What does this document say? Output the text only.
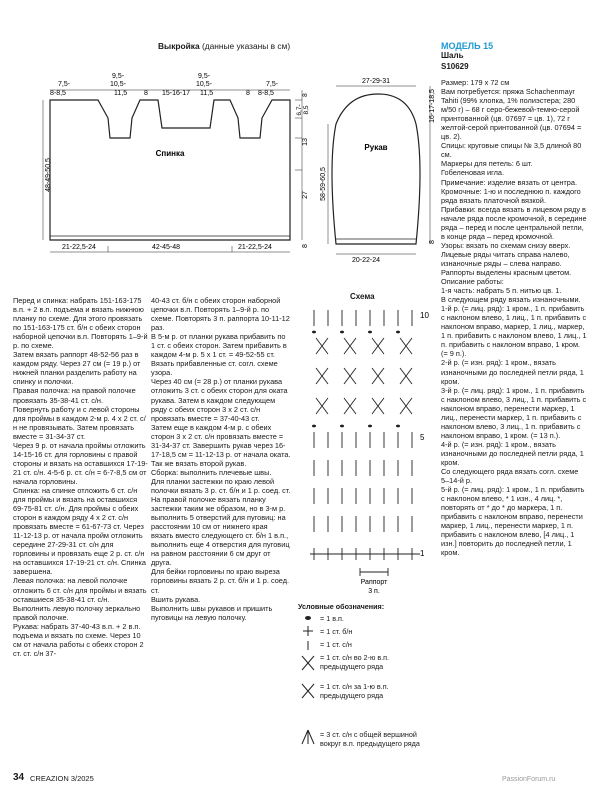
Выкройка (данные указаны в см)
Спинка
48-49-50,5
7,5-
8-8,5
9,5-
10,5-
11,5 8 15-16-17
9,5-
10,5-
11,5	8
7,5-
8-8,5
13
27
8
6,7- 8,5
8
21-22,5-24	42-45-48	21-22,5-24
Рукав
27-29-31
16-17-18,5
58-59-60,5
8
20-22-24
МОДЕЛЬ 15
Шаль
S10629
Перед и спинка: набрать 151-163-175 в.п. + 2 в.п. подъема и вязать нижнюю планку по схеме. Для этого провязать по 151-163-175 ст. б/н с обеих сторон наборной цепочки в.п. Повторять 1–9-й р. по схеме.
Затем вязать раппорт 48-52-56 раз в каждом ряду. Через 27 см (= 19 р.) от нижней планки разделить работу на спинку и полочки.
Правая полочка: на правой полочке провязать 35-38-41 ст. с/н.
Повернуть работу и с левой стороны для проймы в каждом 2-м р. 4 x 2 ст. с/н не провязывать. Затем провязать вместе = 31-34-37 ст.
Через 9 р. от начала проймы отложить 14-15-16 ст. для горловины с правой стороны и вязать на оставшихся 17-19-21 ст. с/н. 4-5-6 р. ст. с/н = 6-7-8,5 см от начала горловины.
Спинка: на спинке отложить 6 ст. с/н для проймы и вязать на оставшихся 69-75-81 ст. с/н. Для проймы с обеих сторон в каждом ряду 4 x 2 ст. с/н провязать вместе = 61-67-73 ст. Через 11-12-13 р. от начала пройм отложить середине 27-29-31 ст. с/н для горловины и провязать еще 2 р. ст. с/н на оставшихся 17-19-21 ст. с/н. Спинка завершена.
Левая полочка: на левой полочке отложить 6 ст. с/н для проймы и вязать оставшиеся 35-38-41 ст. с/н. Выполнить левую полочку зеркально правой полочке.
Рукава: набрать 37-40-43 в.п. + 2 в.п. подъема и вязать по схеме. Через 10 см от начала работы с обеих сторон 2 ст. ст. с/н 37-
40-43 ст. б/н с обеих сторон наборной цепочки в.п. Повторять 1–9-й р. по схеме. Повторять 3 п. раппорта 10-11-12 раз.
В 5-м р. от планки рукава прибавить по 1 ст. с обеих сторон. Затем прибавить в каждом 4-м р. 5 x 1 ст. = 49-52-55 ст. Вязать прибавленные ст. согл. схеме узора.
Через 40 см (= 28 р.) от планки рукава отложить 3 ст. с обеих сторон для оката рукава. Затем в каждом следующем ряду с обеих сторон 3 x 2 ст. с/н провязать вместе = 37-40-43 ст.
Затем еще в каждом 4-м р. с обеих сторон 3 x 2 ст. с/н провязать вместе = 31-34-37 ст. Завершить рукав через 16-17-18,5 см = 11-12-13 р. от начала оката.
Так же вязать второй рукав.
Сборка: выполнить плечевые швы.
Для планки застежки по краю левой полочки вязать 3 р. ст. б/н и 1 р. соед. ст.
На правой полочке вязать планку застежки таким же образом, но в 3-м р. выполнить 5 отверстий для пуговиц: на расстоянии 10 см от нижнего края вязать вместо следующего ст. б/н 1 в.п., выполнить еще 4 отверстия для пуговиц на равном расстоянии 6 см друг от друга.
Для бейки горловины по краю выреза горловины вязать 2 р. ст. б/н и 1 р. соед. ст.
Вшить рукава.
Выполнить швы рукавов и пришить пуговицы на левую полочку.
Схема
10
5
1
Раппорт
3 п.
Условные обозначения:
= 1 в.п.
= 1 ст. б/н
= 1 ст. с/н
= 1 ст. с/н во 2-ю в.п. предыдущего ряда
= 1 ст. с/н за 1-ю в.п. предыдущего ряда
= 3 ст. с/н с общей вершиной вокруг в.п. предыдущего ряда
Размер: 179 x 72 см
Вам потребуется: пряжа Schachenmayr Tahiti (99% хлопка, 1% полиэстера; 280 м/50 г) – 68 г серо-бежевой-темно-серой принтованной (цв. 07697 = цв. 1), 72 г желтой-серой принтованной (цв. 07694 = цв. 2).
Спицы: круговые спицы № 3,5 длиной 80 см.
Маркеры для петель: 6 шт.
Гобеленовая игла.
Примечание: изделие вязать от центра.
Кромочные: 1-ю и последнюю п. каждого ряда вязать платочной вязкой.
Прибавки: всегда вязать в лицевом ряду в начале ряда после кромочной, в середине ряда – перед и после центральной петли, в конце ряда – перед кромочной.
Узоры: вязать по схемам снизу вверх.
Лицевые ряды читать справа налево, изнаночные ряды – слева направо. Раппорты выделены красным цветом.
Описание работы:
1-я часть: набрать 5 п. нитью цв. 1.
В следующем ряду вязать изнаночными.
1-й р. (= лиц. ряд): 1 кром., 1 п. прибавить с наклоном влево, 1 лиц., 1 п. прибавить с наклоном вправо, маркер, 1 лиц., маркер, 1 п. прибавить с наклоном влево, 1 лиц., 1 п. прибавить с наклоном вправо, 1 кром. (= 9 п.).
2-й р. (= изн. ряд): 1 кром., вязать изнаночными до последней петли ряда, 1 кром.
3-й р. (= лиц. ряд): 1 кром., 1 п. прибавить с наклоном влево, 3 лиц., 1 п. прибавить с наклоном вправо, перенести маркер, 1 лиц., перенести маркер, 1 п. прибавить с наклоном влево, 3 лиц., 1 п. прибавить с наклоном вправо, 1 кром. (= 13 п.).
4-й р. (= изн. ряд): 1 кром., вязать изнаночными до последней петли ряда, 1 кром.
Со следующего ряда вязать согл. схеме 5–14-й р.
5-й р. (= лиц. ряд): 1 кром., 1 п. прибавить с наклоном влево, * 1 изн., 4 лиц. *, повторять от * до * до маркера, 1 п. прибавить с наклоном вправо, перенести маркер, 1 лиц., перенести маркер, 1 п. прибавить с наклоном влево, [4 лиц., 1 изн.] повторить до последней петли, 1 кром.
34 CREAZION 3/2025	PassionForum.ru
